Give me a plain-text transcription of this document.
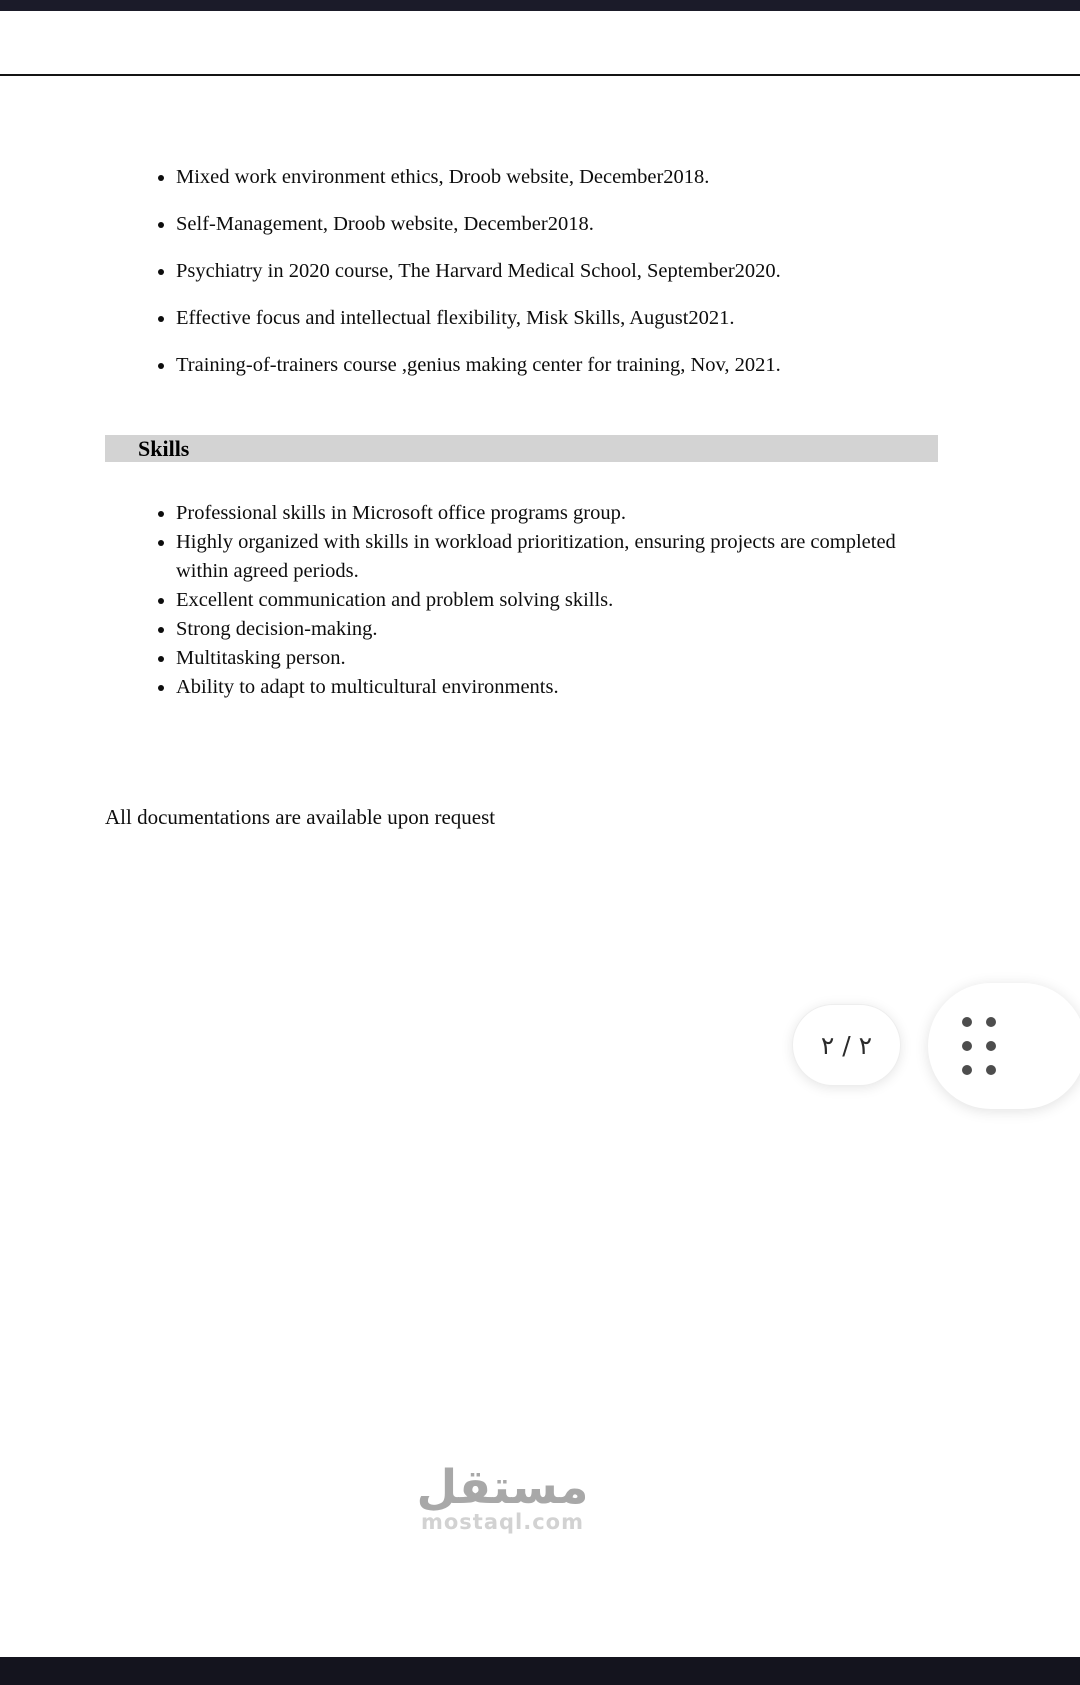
• Mixed work environment ethics, Droob website, December2018.
• Self-Management, Droob website, December2018.
• Psychiatry in 2020 course, The Harvard Medical School, September2020.
• Effective focus and intellectual flexibility, Misk Skills, August2021.
• Training-of-trainers course ,genius making center for training, Nov, 2021.
Skills
• Professional skills in Microsoft office programs group.
• Highly organized with skills in workload prioritization, ensuring projects are completed within agreed periods.
• Excellent communication and problem solving skills.
• Strong decision-making.
• Multitasking person.
• Ability to adapt to multicultural environments.
All documentations are available upon request
٢ / ٢
مستقل
mostaql.com
